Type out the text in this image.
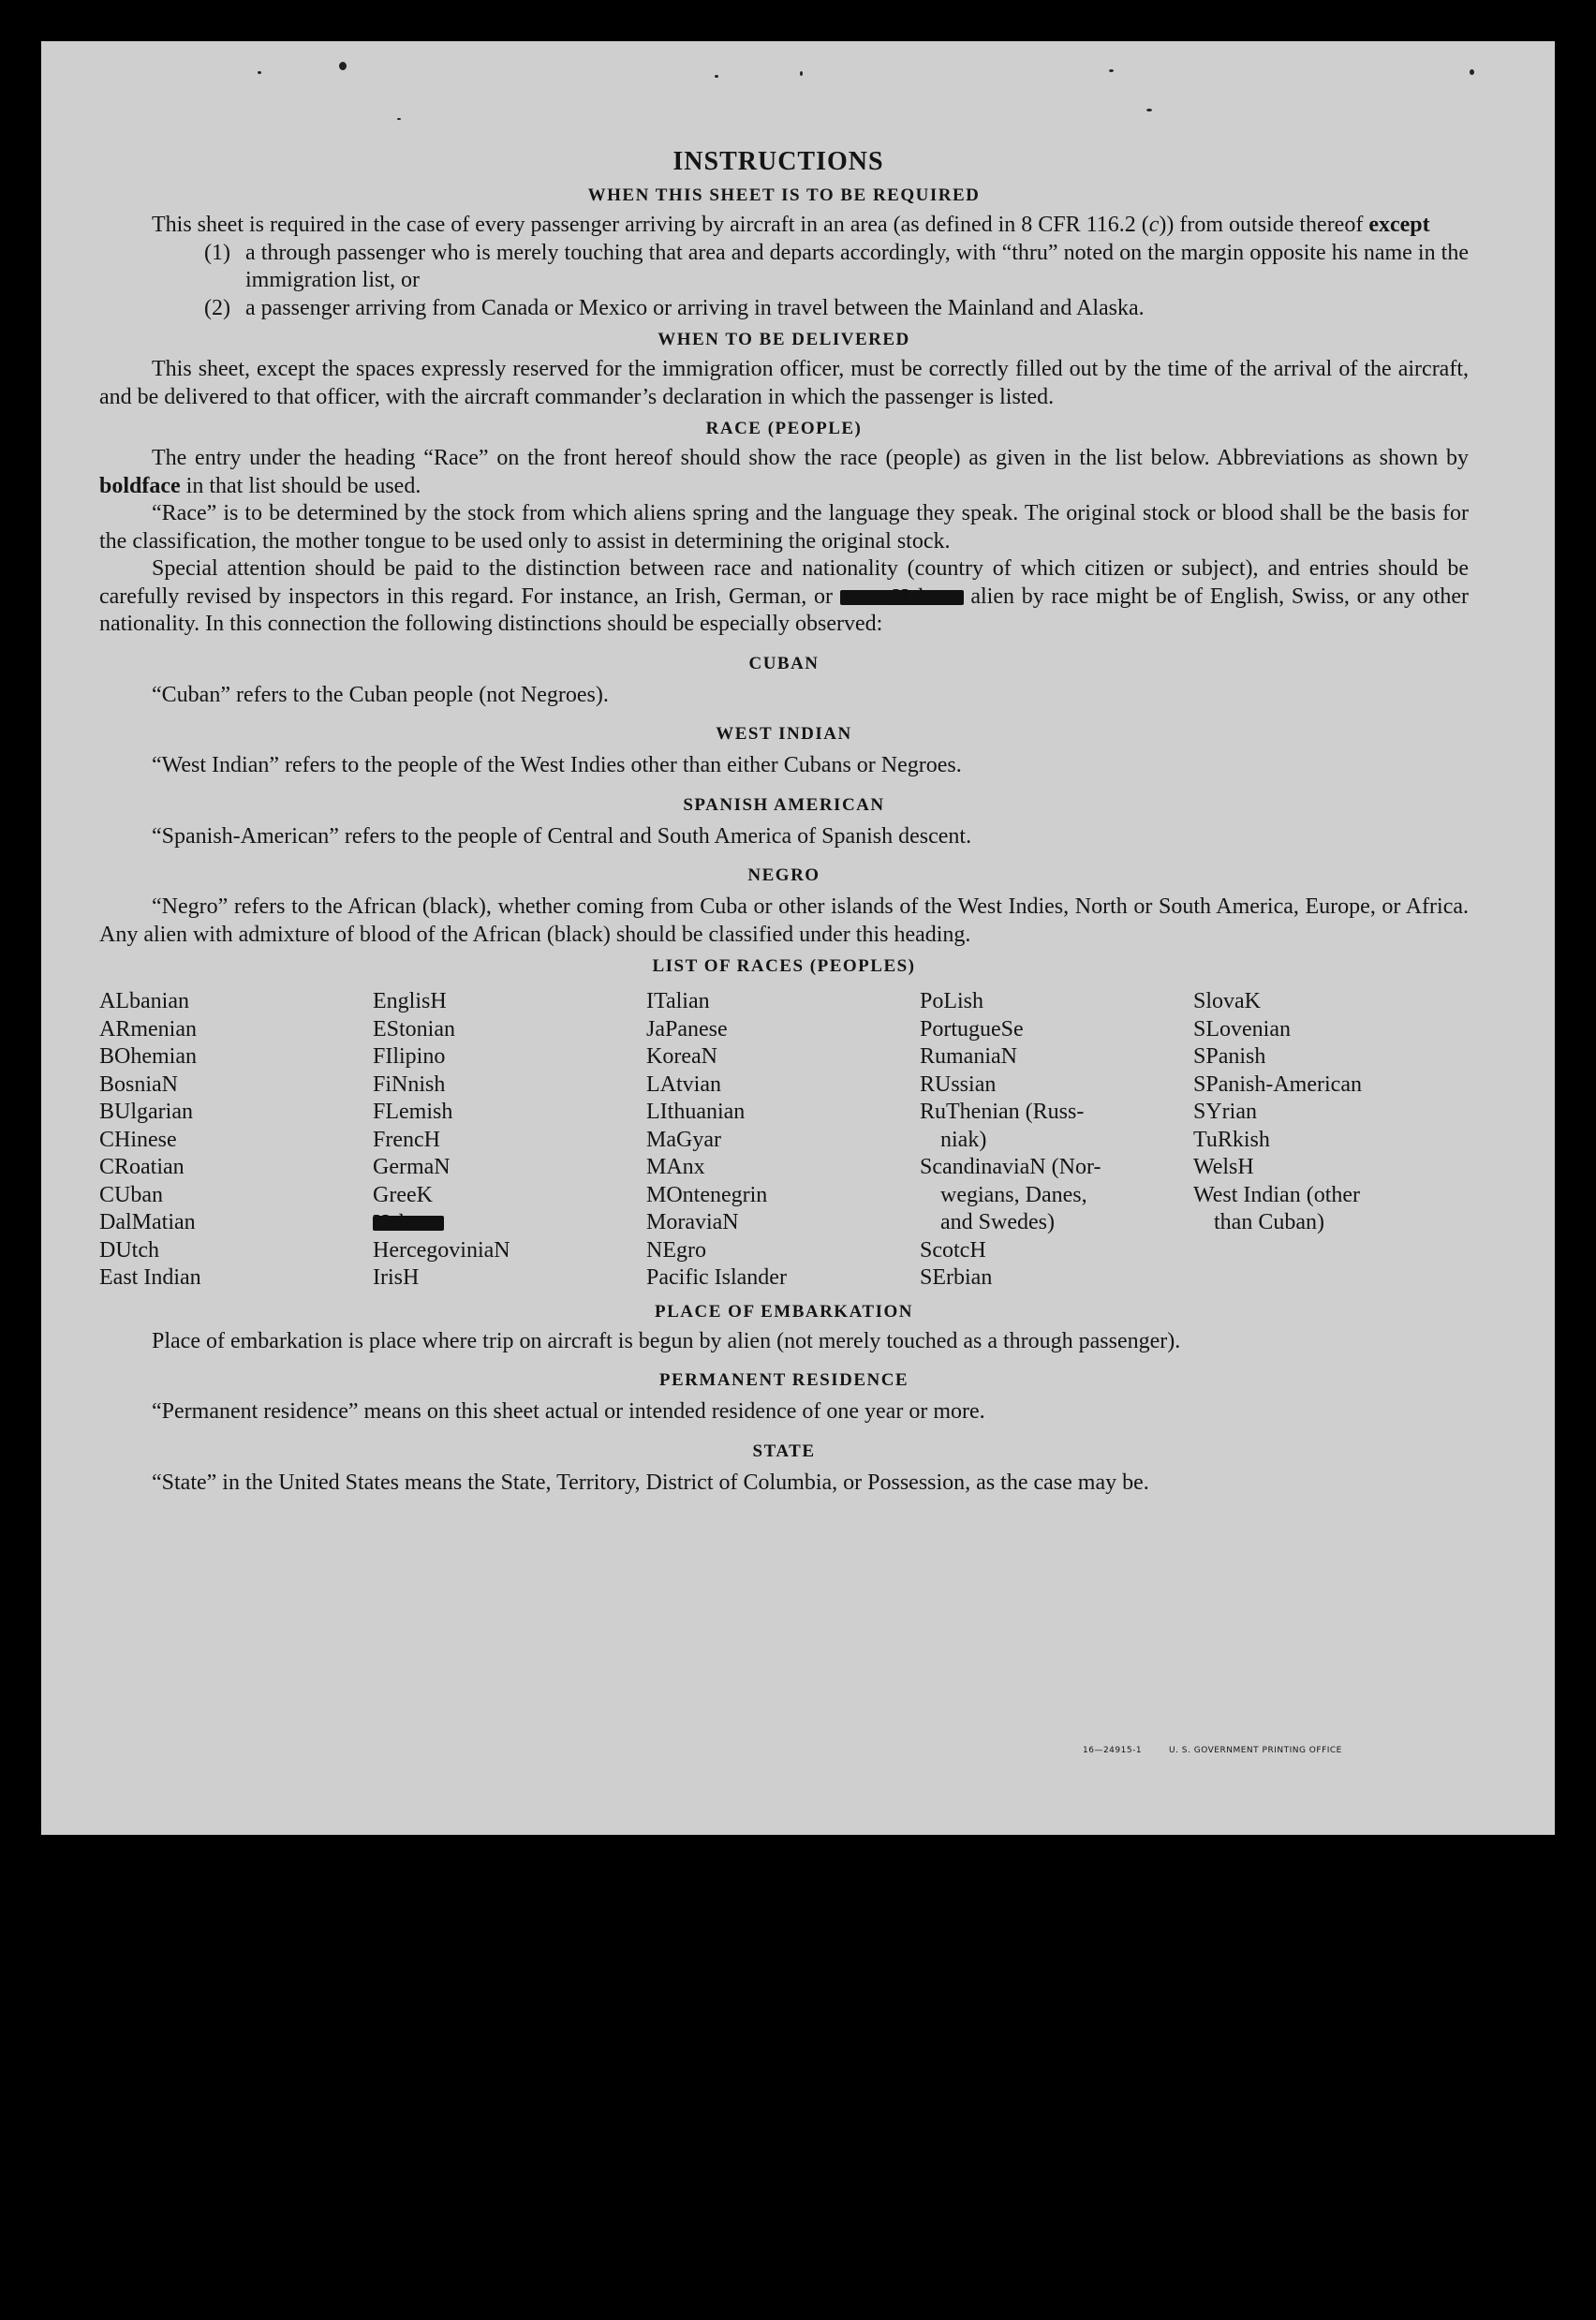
INSTRUCTIONS
WHEN THIS SHEET IS TO BE REQUIRED
This sheet is required in the case of every passenger arriving by aircraft in an area (as defined in 8 CFR 116.2 (c)) from outside thereof except
(1) a through passenger who is merely touching that area and departs accordingly, with “thru” noted on the margin opposite his name in the immigration list, or
(2) a passenger arriving from Canada or Mexico or arriving in travel between the Mainland and Alaska.
WHEN TO BE DELIVERED
This sheet, except the spaces expressly reserved for the immigration officer, must be correctly filled out by the time of the arrival of the aircraft, and be delivered to that officer, with the aircraft commander’s declaration in which the passenger is listed.
RACE (PEOPLE)
The entry under the heading “Race” on the front hereof should show the race (people) as given in the list below. Abbreviations as shown by boldface in that list should be used.
“Race” is to be determined by the stock from which aliens spring and the language they speak. The original stock or blood shall be the basis for the classification, the mother tongue to be used only to assist in determining the original stock.
Special attention should be paid to the distinction between race and nationality (country of which citizen or subject), and entries should be carefully revised by inspectors in this regard. For instance, an Irish, German, or Hebrew alien by race might be of English, Swiss, or any other nationality. In this connection the following distinctions should be especially observed:
CUBAN
“Cuban” refers to the Cuban people (not Negroes).
WEST INDIAN
“West Indian” refers to the people of the West Indies other than either Cubans or Negroes.
SPANISH AMERICAN
“Spanish-American” refers to the people of Central and South America of Spanish descent.
NEGRO
“Negro” refers to the African (black), whether coming from Cuba or other islands of the West Indies, North or South America, Europe, or Africa. Any alien with admixture of blood of the African (black) should be classified under this heading.
LIST OF RACES (PEOPLES)
ALbanian
ARmenian
BOhemian
BosniaN
BUlgarian
CHinese
CRoatian
CUban
DalMatian
DUtch
East Indian
EnglisH
EStonian
FIlipino
FiNnish
FLemish
FrencH
GermaN
GreeK
Hebrew
HercegoviniaN
IrisH
ITalian
JaPanese
KoreaN
LAtvian
LIthuanian
MaGyar
MAnx
MOntenegrin
MoraviaN
NEgro
Pacific Islander
PoLish
PortugueSe
RumaniaN
RUssian
RuThenian (Russ-
niak)
ScandinaviaN (Nor-
wegians, Danes,
and Swedes)
ScotcH
SErbian
SlovaK
SLovenian
SPanish
SPanish-American
SYrian
TuRkish
WelsH
West Indian (other
than Cuban)
PLACE OF EMBARKATION
Place of embarkation is place where trip on aircraft is begun by alien (not merely touched as a through passenger).
PERMANENT RESIDENCE
“Permanent residence” means on this sheet actual or intended residence of one year or more.
STATE
“State” in the United States means the State, Territory, District of Columbia, or Possession, as the case may be.
16—24915-1	U. S. GOVERNMENT PRINTING OFFICE
